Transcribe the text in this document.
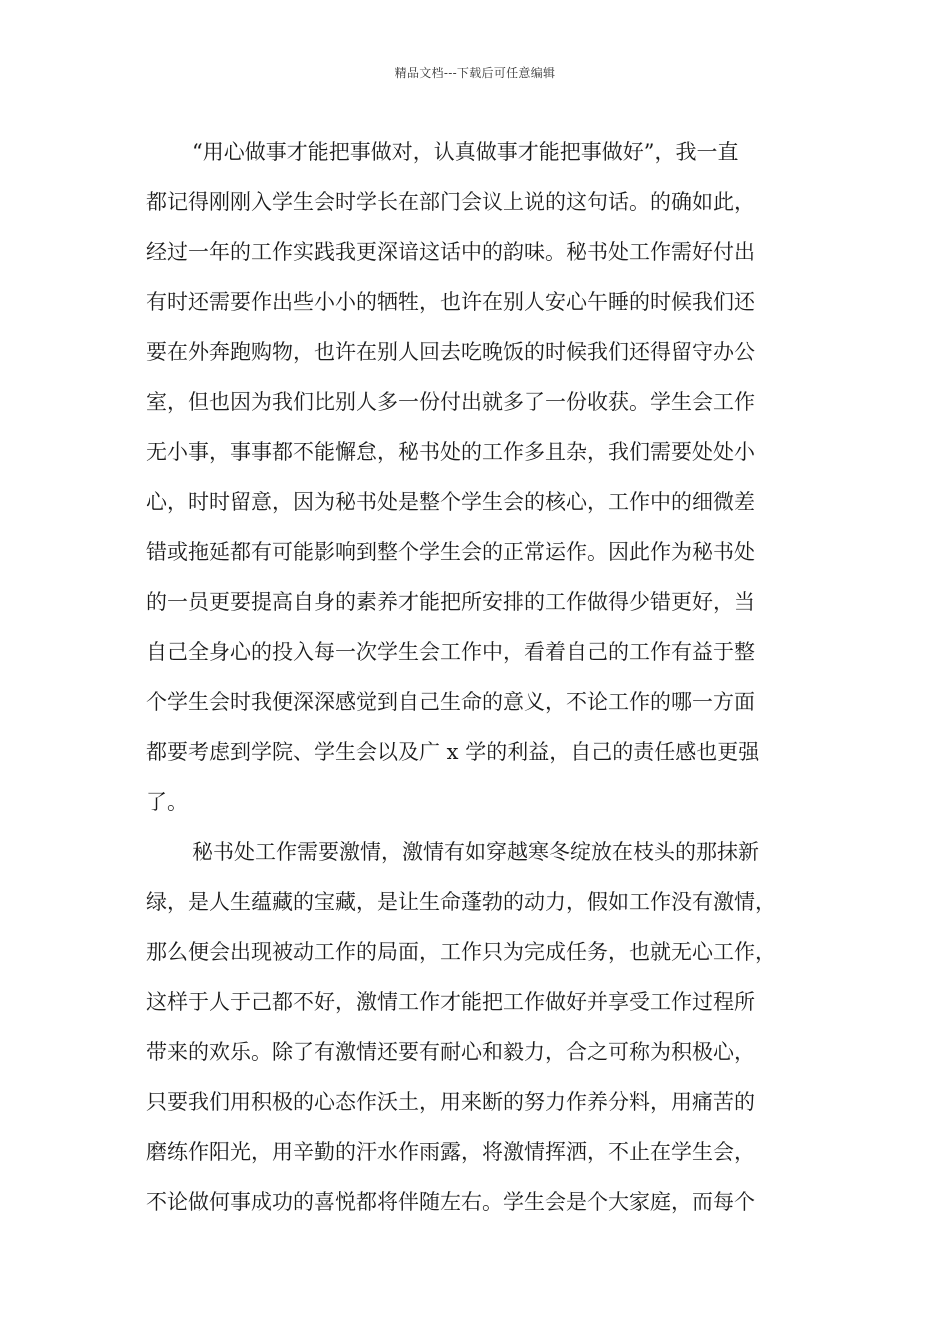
精品文档---下载后可任意编辑
“用心做事才能把事做对，认真做事才能把事做好”，我一直
都记得刚刚入学生会时学长在部门会议上说的这句话。的确如此，
经过一年的工作实践我更深谙这话中的韵味。秘书处工作需好付出
有时还需要作出些小小的牺牲，也许在别人安心午睡的时候我们还
要在外奔跑购物，也许在别人回去吃晚饭的时候我们还得留守办公
室，但也因为我们比别人多一份付出就多了一份收获。学生会工作
无小事，事事都不能懈怠，秘书处的工作多且杂，我们需要处处小
心，时时留意，因为秘书处是整个学生会的核心，工作中的细微差
错或拖延都有可能影响到整个学生会的正常运作。因此作为秘书处
的一员更要提高自身的素养才能把所安排的工作做得少错更好，当
自己全身心的投入每一次学生会工作中，看着自己的工作有益于整
个学生会时我便深深感觉到自己生命的意义，不论工作的哪一方面
都要考虑到学院、学生会以及广 x 学的利益，自己的责任感也更强
了。
秘书处工作需要激情，激情有如穿越寒冬绽放在枝头的那抹新
绿，是人生蕴藏的宝藏，是让生命蓬勃的动力，假如工作没有激情，
那么便会出现被动工作的局面，工作只为完成任务，也就无心工作，
这样于人于己都不好，激情工作才能把工作做好并享受工作过程所
带来的欢乐。除了有激情还要有耐心和毅力，合之可称为积极心，
只要我们用积极的心态作沃土，用来断的努力作养分料，用痛苦的
磨练作阳光，用辛勤的汗水作雨露，将激情挥洒，不止在学生会，
不论做何事成功的喜悦都将伴随左右。学生会是个大家庭，而每个
